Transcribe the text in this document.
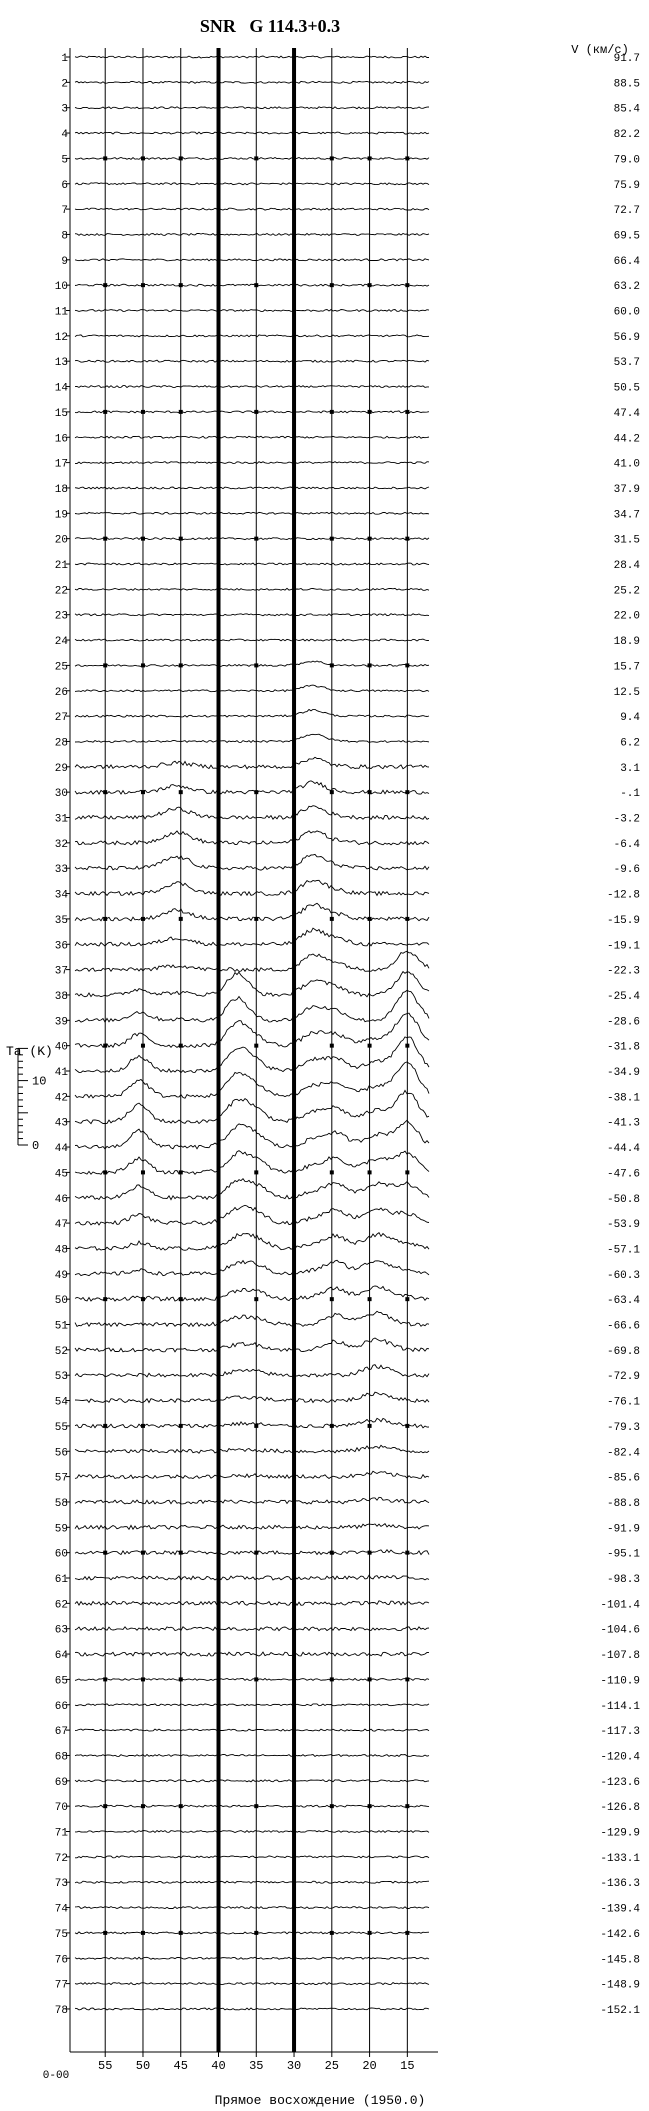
SNR   G 114.3+0.3
V (км/с)
Прямое восхождение (1950.0)
0-00
Ta (K)
1
2
3
4
5
6
7
8
9
10
11
12
13
14
15
16
17
18
19
20
21
22
23
24
25
26
27
28
29
30
31
32
33
34
35
36
37
38
39
40
41
42
43
44
45
46
47
48
49
50
51
52
53
54
55
56
57
58
59
60
61
62
63
64
65
66
67
68
69
70
71
72
73
74
75
76
77
78
91.7
88.5
85.4
82.2
79.0
75.9
72.7
69.5
66.4
63.2
60.0
56.9
53.7
50.5
47.4
44.2
41.0
37.9
34.7
31.5
28.4
25.2
22.0
18.9
15.7
12.5
9.4
6.2
3.1
-.1
-3.2
-6.4
-9.6
-12.8
-15.9
-19.1
-22.3
-25.4
-28.6
-31.8
-34.9
-38.1
-41.3
-44.4
-47.6
-50.8
-53.9
-57.1
-60.3
-63.4
-66.6
-69.8
-72.9
-76.1
-79.3
-82.4
-85.6
-88.8
-91.9
-95.1
-98.3
-101.4
-104.6
-107.8
-110.9
-114.1
-117.3
-120.4
-123.6
-126.8
-129.9
-133.1
-136.3
-139.4
-142.6
-145.8
-148.9
-152.1
55 50 45 40 35 30 25 20 15
10
0
